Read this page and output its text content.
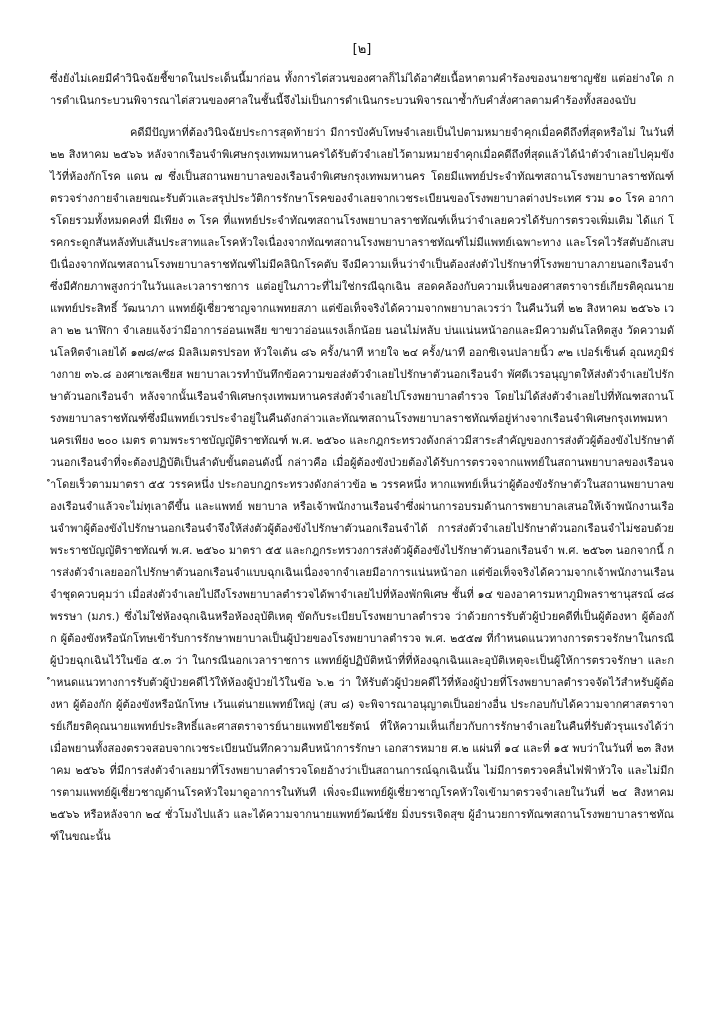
[๒]

ซึ่งยังไม่เคยมีคำวินิจฉัยชี้ขาดในประเด็นนี้มาก่อน ทั้งการไต่สวนของศาลก็ไม่ได้อาศัยเนื้อหาตามคำร้องของนายชาญชัย แต่อย่างใด การดำเนินกระบวนพิจารณาไต่สวนของศาลในชั้นนี้จึงไม่เป็นการดำเนินกระบวนพิจารณาซ้ำกับคำสั่งศาลตามคำร้องทั้งสองฉบับ

คดีมีปัญหาที่ต้องวินิจฉัยประการสุดท้ายว่า มีการบังคับโทษจำเลยเป็นไปตามหมายจำคุกเมื่อคดีถึงที่สุดหรือไม่ ในวันที่ ๒๒ สิงหาคม ๒๕๖๖ หลังจากเรือนจำพิเศษกรุงเทพมหานครได้รับตัวจำเลยไว้ตามหมายจำคุกเมื่อคดีถึงที่สุดแล้วได้นำตัวจำเลยไปคุมขังไว้ที่ห้องกักโรค แดน ๗ ซึ่งเป็นสถานพยาบาลของเรือนจำพิเศษกรุงเทพมหานคร โดยมีแพทย์ประจำทัณฑสถานโรงพยาบาลราชทัณฑ์ ตรวจร่างกายจำเลยขณะรับตัวและสรุปประวัติการรักษาโรคของจำเลยจากเวชระเบียนของโรงพยาบาลต่างประเทศ รวม ๑๐ โรค อาการโดยรวมทั้งหมดคงที่ มีเพียง ๓ โรค ที่แพทย์ประจำทัณฑสถานโรงพยาบาลราชทัณฑ์เห็นว่าจำเลยควรได้รับการตรวจเพิ่มเติม ได้แก่ โรคกระดูกสันหลังทับเส้นประสาทและโรคหัวใจเนื่องจากทัณฑสถานโรงพยาบาลราชทัณฑ์ไม่มีแพทย์เฉพาะทาง และโรคไวรัสตับอักเสบบีเนื่องจากทัณฑสถานโรงพยาบาลราชทัณฑ์ไม่มีคลินิกโรคตับ จึงมีความเห็นว่าจำเป็นต้องส่งตัวไปรักษาที่โรงพยาบาลภายนอกเรือนจำซึ่งมีศักยภาพสูงกว่าในวันและเวลาราชการ แต่อยู่ในภาวะที่ไม่ใช่กรณีฉุกเฉิน สอดคล้องกับความเห็นของศาสตราจารย์เกียรติคุณนายแพทย์ประสิทธิ์ วัฒนาภา แพทย์ผู้เชี่ยวชาญจากแพทยสภา แต่ข้อเท็จจริงได้ความจากพยาบาลเวรว่า ในคืนวันที่ ๒๒ สิงหาคม ๒๕๖๖ เวลา ๒๒ นาฬิกา จำเลยแจ้งว่ามีอาการอ่อนเพลีย ขาขวาอ่อนแรงเล็กน้อย นอนไม่หลับ บ่นแน่นหน้าอกและมีความดันโลหิตสูง วัดความดันโลหิตจำเลยได้ ๑๗๘/๙๘ มิลลิเมตรปรอท หัวใจเต้น ๘๖ ครั้ง/นาที หายใจ ๒๔ ครั้ง/นาที ออกซิเจนปลายนิ้ว ๙๒ เปอร์เซ็นต์ อุณหภูมิร่างกาย ๓๖.๘ องศาเซลเซียส พยาบาลเวรทำบันทึกข้อความขอส่งตัวจำเลยไปรักษาตัวนอกเรือนจำ พัศดีเวรอนุญาตให้ส่งตัวจำเลยไปรักษาตัวนอกเรือนจำ หลังจากนั้นเรือนจำพิเศษกรุงเทพมหานครส่งตัวจำเลยไปโรงพยาบาลตำรวจ โดยไม่ได้ส่งตัวจำเลยไปที่ทัณฑสถานโรงพยาบาลราชทัณฑ์ซึ่งมีแพทย์เวรประจำอยู่ในคืนดังกล่าวและทัณฑสถานโรงพยาบาลราชทัณฑ์อยู่ห่างจากเรือนจำพิเศษกรุงเทพมหานครเพียง ๒๐๐ เมตร ตามพระราชบัญญัติราชทัณฑ์ พ.ศ. ๒๕๖๐ และกฎกระทรวงดังกล่าวมีสาระสำคัญของการส่งตัวผู้ต้องขังไปรักษาตัวนอกเรือนจำที่จะต้องปฏิบัติเป็นลำดับขั้นตอนดังนี้ กล่าวคือ เมื่อผู้ต้องขังป่วยต้องได้รับการตรวจจากแพทย์ในสถานพยาบาลของเรือนจำโดยเร็วตามมาตรา ๕๕ วรรคหนึ่ง ประกอบกฎกระทรวงดังกล่าวข้อ ๒ วรรคหนึ่ง หากแพทย์เห็นว่าผู้ต้องขังรักษาตัวในสถานพยาบาลของเรือนจำแล้วจะไม่ทุเลาดีขึ้น และแพทย์ พยาบาล หรือเจ้าพนักงานเรือนจำซึ่งผ่านการอบรมด้านการพยาบาลเสนอให้เจ้าพนักงานเรือนจำพาผู้ต้องขังไปรักษานอกเรือนจำจึงให้ส่งตัวผู้ต้องขังไปรักษาตัวนอกเรือนจำได้ การส่งตัวจำเลยไปรักษาตัวนอกเรือนจำไม่ชอบด้วยพระราชบัญญัติราชทัณฑ์ พ.ศ. ๒๕๖๐ มาตรา ๕๕ และกฎกระทรวงการส่งตัวผู้ต้องขังไปรักษาตัวนอกเรือนจำ พ.ศ. ๒๕๖๓ นอกจากนี้ การส่งตัวจำเลยออกไปรักษาตัวนอกเรือนจำแบบฉุกเฉินเนื่องจากจำเลยมีอาการแน่นหน้าอก แต่ข้อเท็จจริงได้ความจากเจ้าพนักงานเรือนจำชุดควบคุมว่า เมื่อส่งตัวจำเลยไปถึงโรงพยาบาลตำรวจได้พาจำเลยไปที่ห้องพักพิเศษ ชั้นที่ ๑๔ ของอาคารมหาภูมิพลราชานุสรณ์ ๘๘ พรรษา (มภร.) ซึ่งไม่ใช่ห้องฉุกเฉินหรือห้องอุบัติเหตุ ขัดกับระเบียบโรงพยาบาลตำรวจ ว่าด้วยการรับตัวผู้ป่วยคดีที่เป็นผู้ต้องหา ผู้ต้องกัก ผู้ต้องขังหรือนักโทษเข้ารับการรักษาพยาบาลเป็นผู้ป่วยของโรงพยาบาลตำรวจ พ.ศ. ๒๕๕๗ ที่กำหนดแนวทางการตรวจรักษาในกรณีผู้ป่วยฉุกเฉินไว้ในข้อ ๕.๓ ว่า ในกรณีนอกเวลาราชการ แพทย์ผู้ปฏิบัติหน้าที่ที่ห้องฉุกเฉินและอุบัติเหตุจะเป็นผู้ให้การตรวจรักษา และกำหนดแนวทางการรับตัวผู้ป่วยคดีไว้ให้ห้องผู้ป่วยไว้ในข้อ ๖.๒ ว่า ให้รับตัวผู้ป่วยคดีไว้ที่ห้องผู้ป่วยที่โรงพยาบาลตำรวจจัดไว้สำหรับผู้ต้องหา ผู้ต้องกัก ผู้ต้องขังหรือนักโทษ เว้นแต่นายแพทย์ใหญ่ (สบ ๘) จะพิจารณาอนุญาตเป็นอย่างอื่น ประกอบกับได้ความจากศาสตราจารย์เกียรติคุณนายแพทย์ประสิทธิ์และศาสตราจารย์นายแพทย์ไชยรัตน์ ที่ให้ความเห็นเกี่ยวกับการรักษาจำเลยในคืนที่รับตัวรุนแรงได้ว่า เมื่อพยานทั้งสองตรวจสอบจากเวชระเบียนบันทึกความคืบหน้าการรักษา เอกสารหมาย ศ.๒ แผ่นที่ ๑๔ และที่ ๑๕ พบว่าในวันที่ ๒๓ สิงหาคม ๒๕๖๖ ที่มีการส่งตัวจำเลยมาที่โรงพยาบาลตำรวจโดยอ้างว่าเป็นสถานการณ์ฉุกเฉินนั้น ไม่มีการตรวจคลื่นไฟฟ้าหัวใจ และไม่มีการตามแพทย์ผู้เชี่ยวชาญด้านโรคหัวใจมาดูอาการในทันที เพิ่งจะมีแพทย์ผู้เชี่ยวชาญโรคหัวใจเข้ามาตรวจจำเลยในวันที่ ๒๔ สิงหาคม ๒๕๖๖ หรือหลังจาก ๒๔ ชั่วโมงไปแล้ว และได้ความจากนายแพทย์วัฒน์ชัย มิ่งบรรเจิดสุข ผู้อำนวยการทัณฑสถานโรงพยาบาลราชทัณฑ์ในขณะนั้น
